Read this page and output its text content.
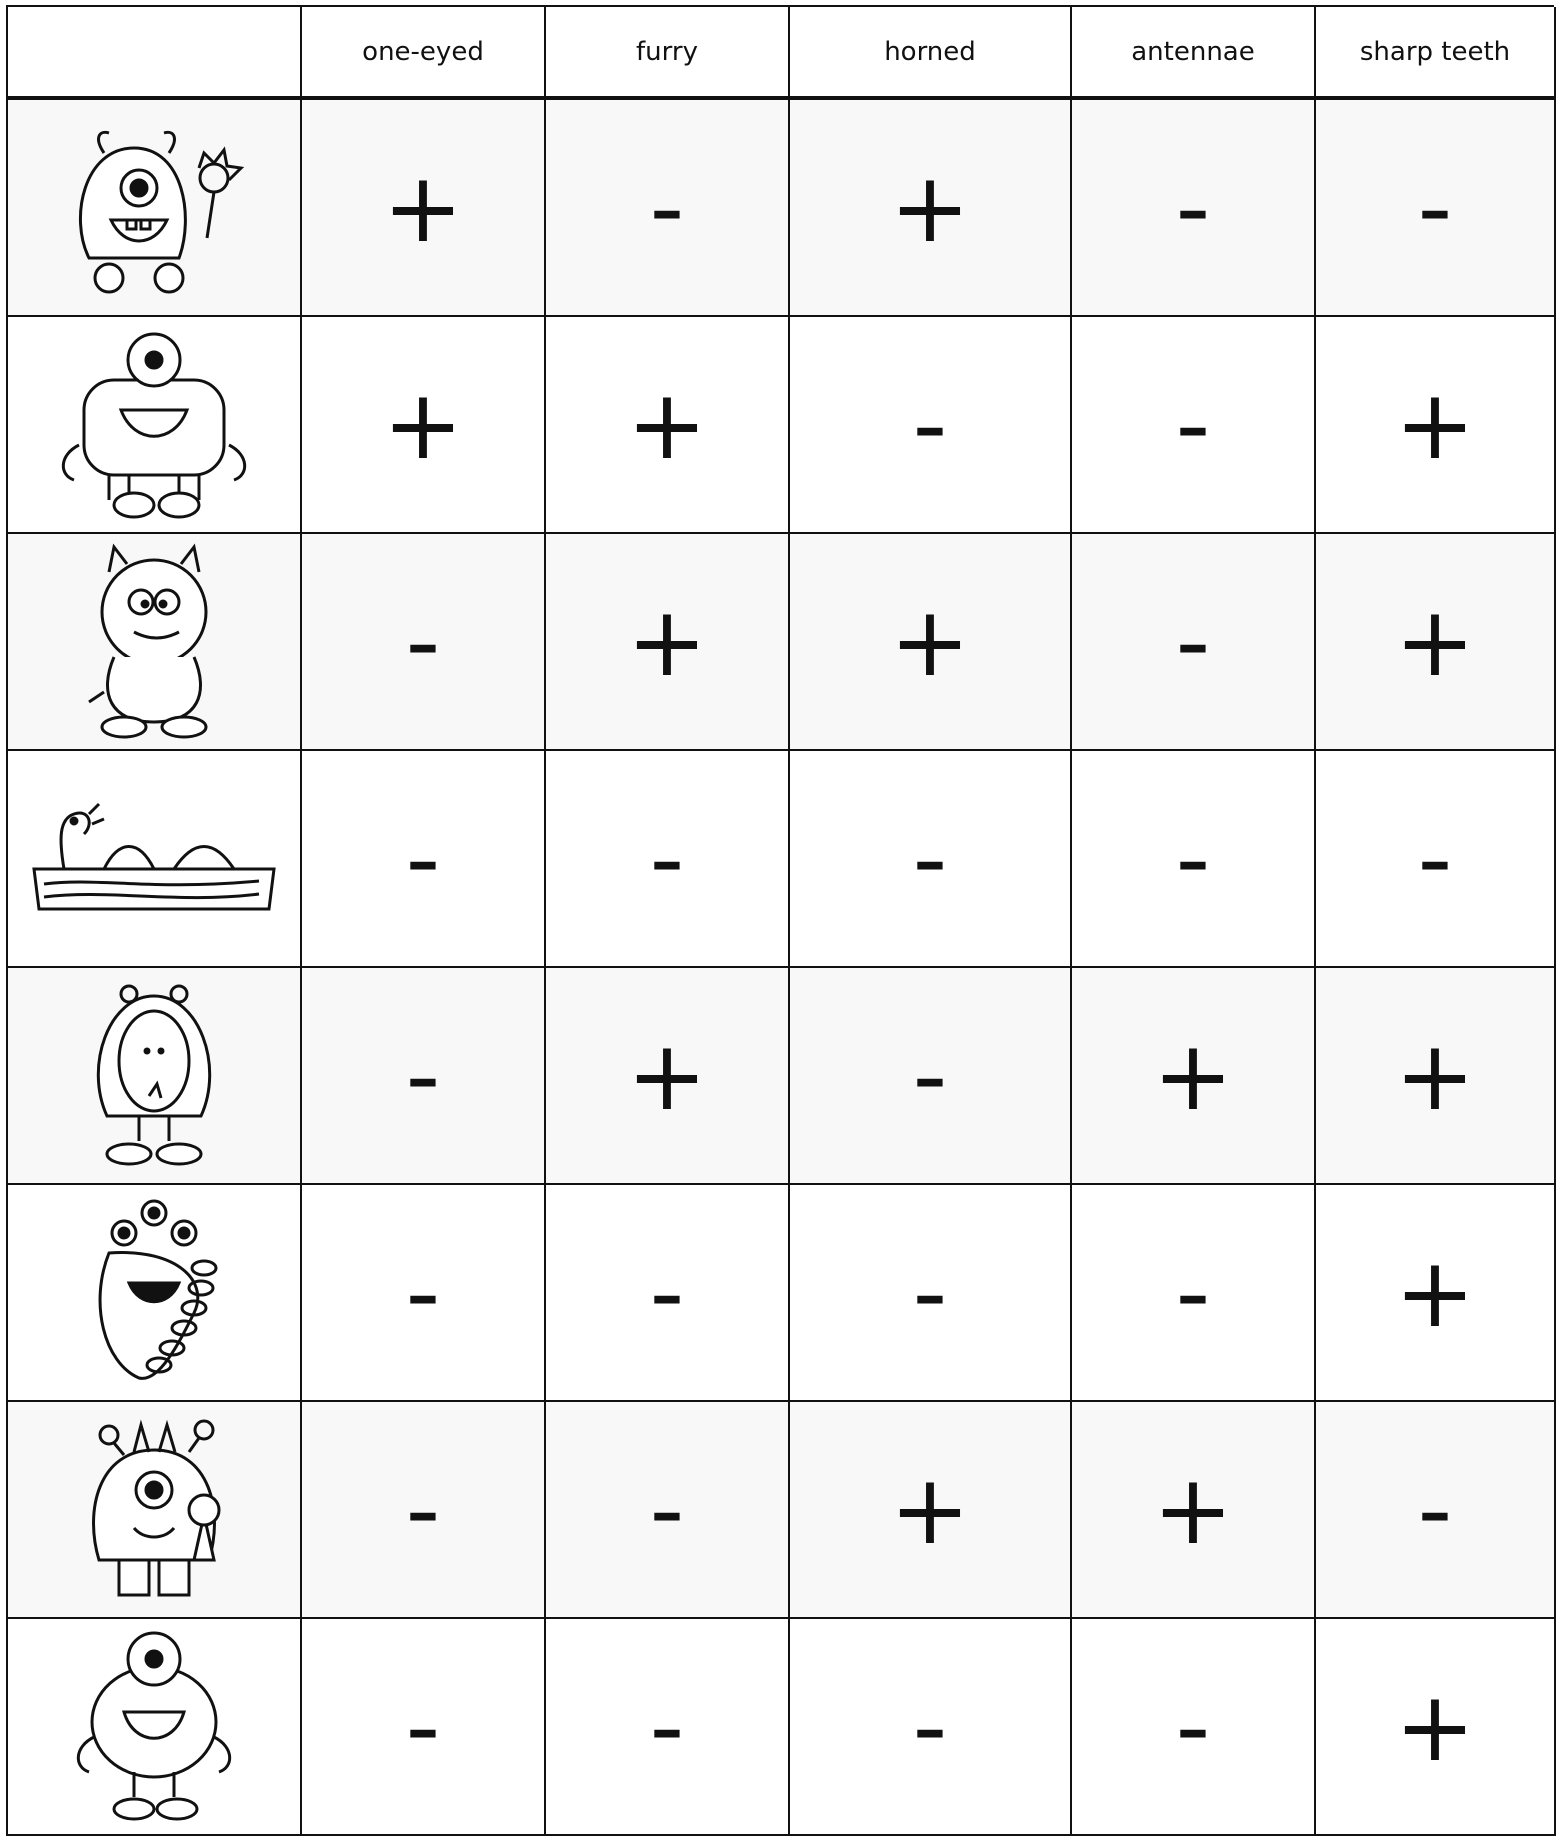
one-eyed	furry	horned	antennae	sharp teeth
+	-	+	-	-
+	+	-	-	+
-	+	+	-	+
-	-	-	-	-
-	+	-	+	+
-	-	-	-	+
-	-	+	+	-
-	-	-	-	+
